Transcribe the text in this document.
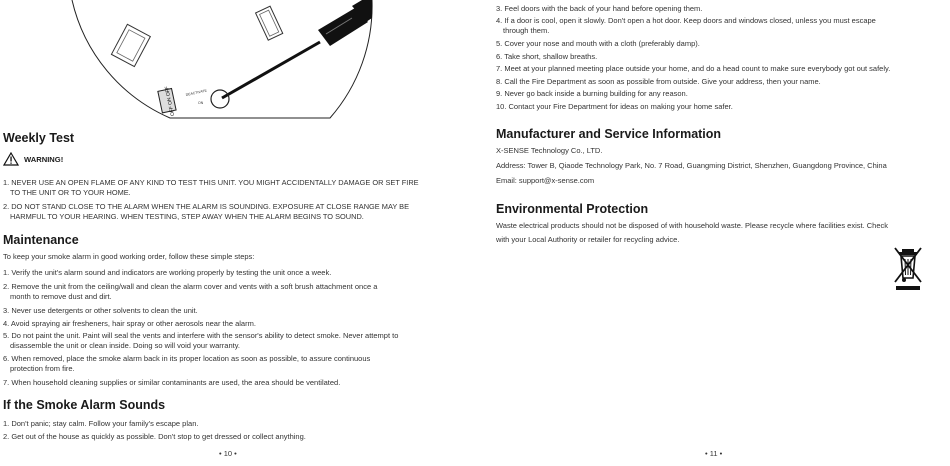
OFF ON OFF	DEACTIVATE
ON
Weekly Test
WARNING!
1. NEVER USE AN OPEN FLAME OF ANY KIND TO TEST THIS UNIT. YOU MIGHT ACCIDENTALLY DAMAGE OR SET FIRE
TO THE UNIT OR TO YOUR HOME.
2. DO NOT STAND CLOSE TO THE ALARM WHEN THE ALARM IS SOUNDING. EXPOSURE AT CLOSE RANGE MAY BE
HARMFUL TO YOUR HEARING. WHEN TESTING, STEP AWAY WHEN THE ALARM BEGINS TO SOUND.
Maintenance
To keep your smoke alarm in good working order, follow these simple steps:
1. Verify the unit's alarm sound and indicators are working properly by testing the unit once a week.
2. Remove the unit from the ceiling/wall and clean the alarm cover and vents with a soft brush attachment once a
month to remove dust and dirt.
3. Never use detergents or other solvents to clean the unit.
4. Avoid spraying air fresheners, hair spray or other aerosols near the alarm.
5. Do not paint the unit. Paint will seal the vents and interfere with the sensor's ability to detect smoke. Never attempt to
disassemble the unit or clean inside. Doing so will void your warranty.
6. When removed, place the smoke alarm back in its proper location as soon as possible, to assure continuous
protection from fire.
7. When household cleaning supplies or similar contaminants are used, the area should be ventilated.
If the Smoke Alarm Sounds
1. Don't panic; stay calm. Follow your family's escape plan.
2. Get out of the house as quickly as possible. Don't stop to get dressed or collect anything.
• 10 •
3. Feel doors with the back of your hand before opening them.
4. If a door is cool, open it slowly. Don't open a hot door. Keep doors and windows closed, unless you must escape
through them.
5. Cover your nose and mouth with a cloth (preferably damp).
6. Take short, shallow breaths.
7. Meet at your planned meeting place outside your home, and do a head count to make sure everybody got out safely.
8. Call the Fire Department as soon as possible from outside. Give your address, then your name.
9. Never go back inside a burning building for any reason.
10. Contact your Fire Department for ideas on making your home safer.
Manufacturer and Service Information
X-SENSE Technology Co., LTD.
Address: Tower B, Qiaode Technology Park, No. 7 Road, Guangming District, Shenzhen, Guangdong Province, China
Email: support@x-sense.com
Environmental Protection
Waste electrical products should not be disposed of with household waste. Please recycle where facilities exist. Check
with your Local Authority or retailer for recycling advice.
• 11 •
